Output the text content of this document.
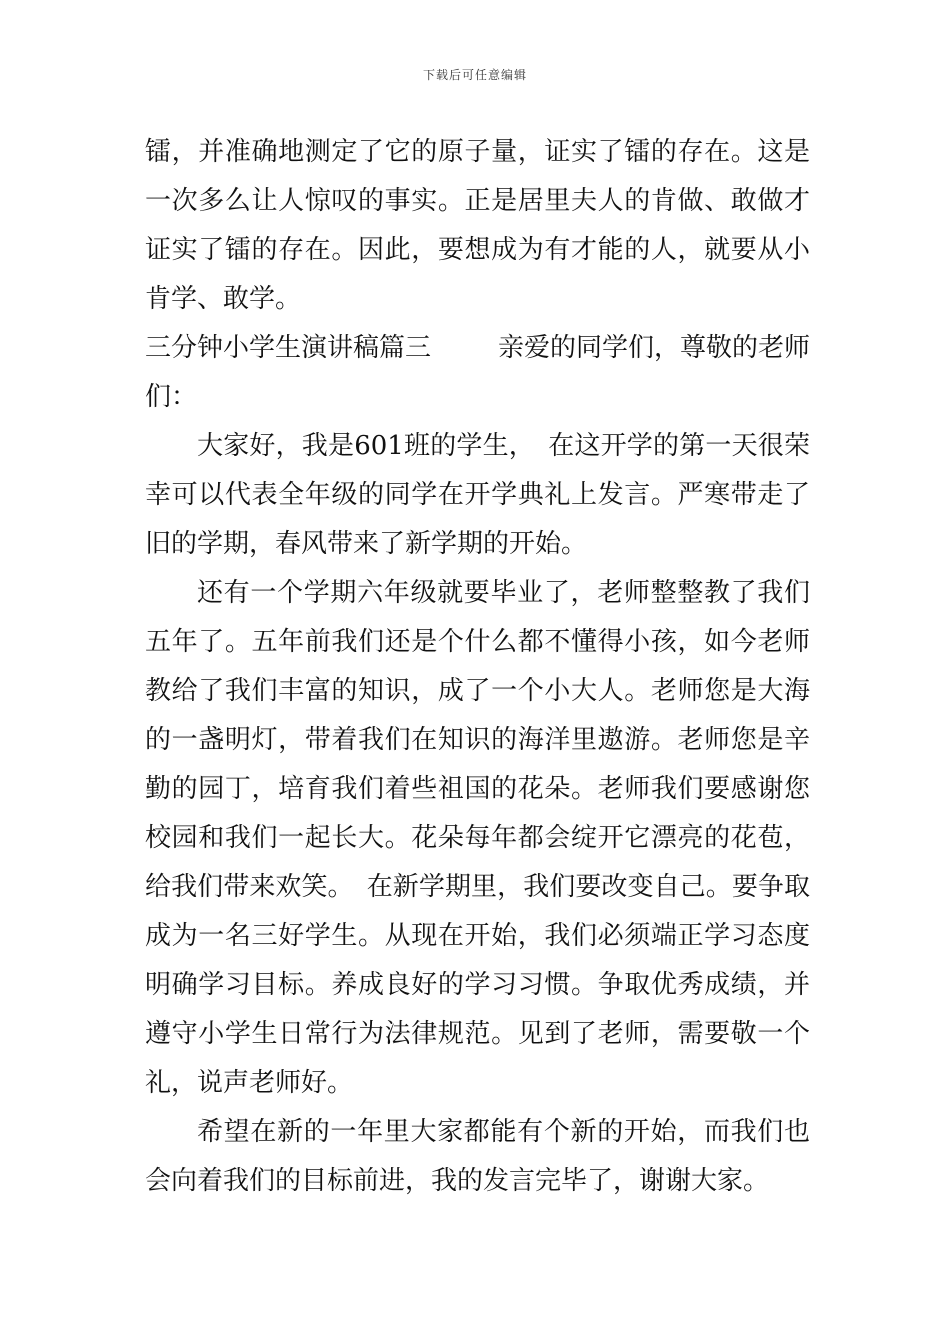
下载后可任意编辑
镭，并准确地测定了它的原子量，证实了镭的存在。这是
一次多么让人惊叹的事实。正是居里夫人的肯做、敢做才
证实了镭的存在。因此，要想成为有才能的人，就要从小
肯学、敢学。
三分钟小学生演讲稿篇三	亲爱的同学们，尊敬的老师
们：
大家好，我是601班的学生，　在这开学的第一天很荣
幸可以代表全年级的同学在开学典礼上发言。严寒带走了
旧的学期，春风带来了新学期的开始。
还有一个学期六年级就要毕业了，老师整整教了我们
五年了。五年前我们还是个什么都不懂得小孩，如今老师
教给了我们丰富的知识，成了一个小大人。老师您是大海
的一盏明灯，带着我们在知识的海洋里遨游。老师您是辛
勤的园丁，培育我们着些祖国的花朵。老师我们要感谢您
校园和我们一起长大。花朵每年都会绽开它漂亮的花苞，
给我们带来欢笑。　在新学期里，我们要改变自己。要争取
成为一名三好学生。从现在开始，我们必须端正学习态度
明确学习目标。养成良好的学习习惯。争取优秀成绩，并
遵守小学生日常行为法律规范。见到了老师，需要敬一个
礼，说声老师好。
希望在新的一年里大家都能有个新的开始，而我们也
会向着我们的目标前进，我的发言完毕了，谢谢大家。
